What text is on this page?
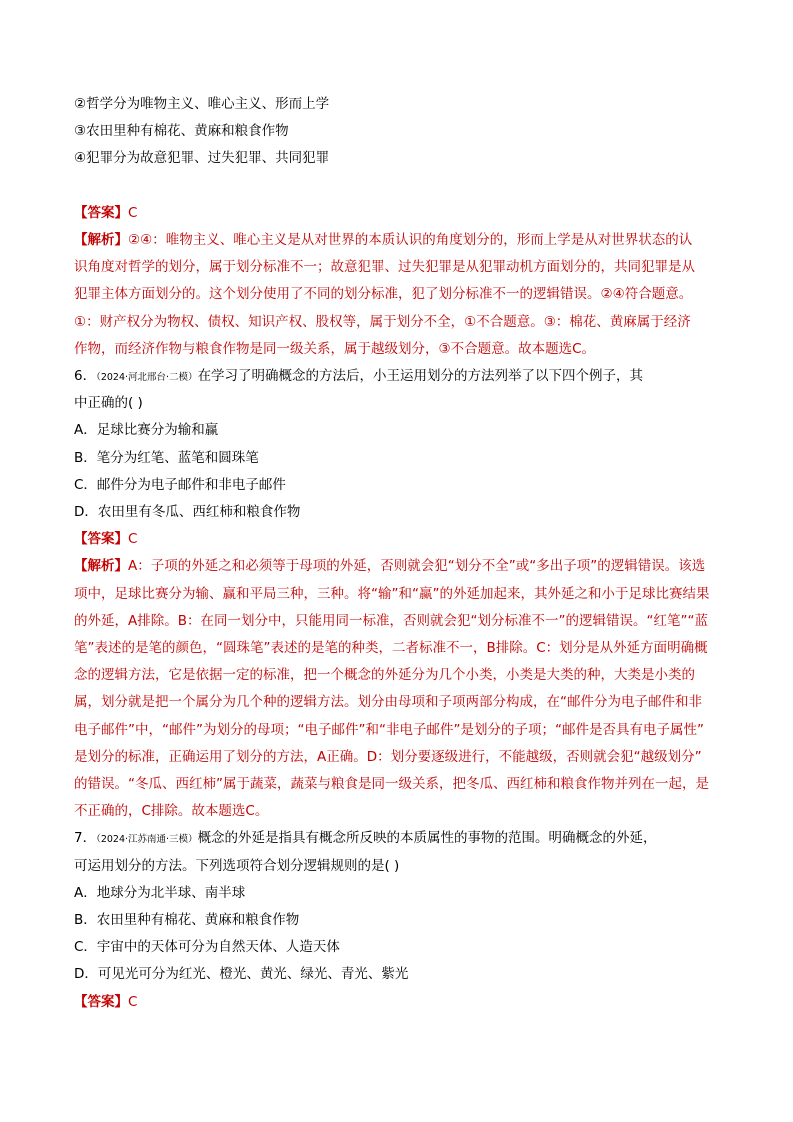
②哲学分为唯物主义、唯心主义、形而上学
③农田里种有棉花、黄麻和粮食作物
④犯罪分为故意犯罪、过失犯罪、共同犯罪
【答案】C
【解析】②④：唯物主义、唯心主义是从对世界的本质认识的角度划分的，形而上学是从对世界状态的认
识角度对哲学的划分，属于划分标准不一；故意犯罪、过失犯罪是从犯罪动机方面划分的，共同犯罪是从
犯罪主体方面划分的。这个划分使用了不同的划分标准，犯了划分标准不一的逻辑错误。②④符合题意。
①：财产权分为物权、债权、知识产权、股权等，属于划分不全，①不合题意。③：棉花、黄麻属于经济
作物，而经济作物与粮食作物是同一级关系，属于越级划分，③不合题意。故本题选C。
6．（2024·河北邢台·二模）在学习了明确概念的方法后，小王运用划分的方法列举了以下四个例子，其
中正确的( )
A．足球比赛分为输和赢
B．笔分为红笔、蓝笔和圆珠笔
C．邮件分为电子邮件和非电子邮件
D．农田里有冬瓜、西红柿和粮食作物
【答案】C
【解析】A：子项的外延之和必须等于母项的外延，否则就会犯“划分不全”或“多出子项”的逻辑错误。该选
项中，足球比赛分为输、赢和平局三种，三种。将“输”和“赢”的外延加起来，其外延之和小于足球比赛结果
的外延，A排除。B：在同一划分中，只能用同一标准，否则就会犯“划分标准不一”的逻辑错误。“红笔”“蓝
笔”表述的是笔的颜色，“圆珠笔”表述的是笔的种类，二者标准不一，B排除。C：划分是从外延方面明确概
念的逻辑方法，它是依据一定的标准，把一个概念的外延分为几个小类，小类是大类的种，大类是小类的
属，划分就是把一个属分为几个种的逻辑方法。划分由母项和子项两部分构成，在“邮件分为电子邮件和非
电子邮件”中，“邮件”为划分的母项；“电子邮件”和“非电子邮件”是划分的子项；“邮件是否具有电子属性”
是划分的标准，正确运用了划分的方法，A正确。D：划分要逐级进行，不能越级，否则就会犯“越级划分”
的错误。“冬瓜、西红柿”属于蔬菜，蔬菜与粮食是同一级关系，把冬瓜、西红柿和粮食作物并列在一起，是
不正确的，C排除。故本题选C。
7．（2024·江苏南通·三模）概念的外延是指具有概念所反映的本质属性的事物的范围。明确概念的外延，
可运用划分的方法。下列选项符合划分逻辑规则的是( )
A．地球分为北半球、南半球
B．农田里种有棉花、黄麻和粮食作物
C．宇宙中的天体可分为自然天体、人造天体
D．可见光可分为红光、橙光、黄光、绿光、青光、紫光
【答案】C
